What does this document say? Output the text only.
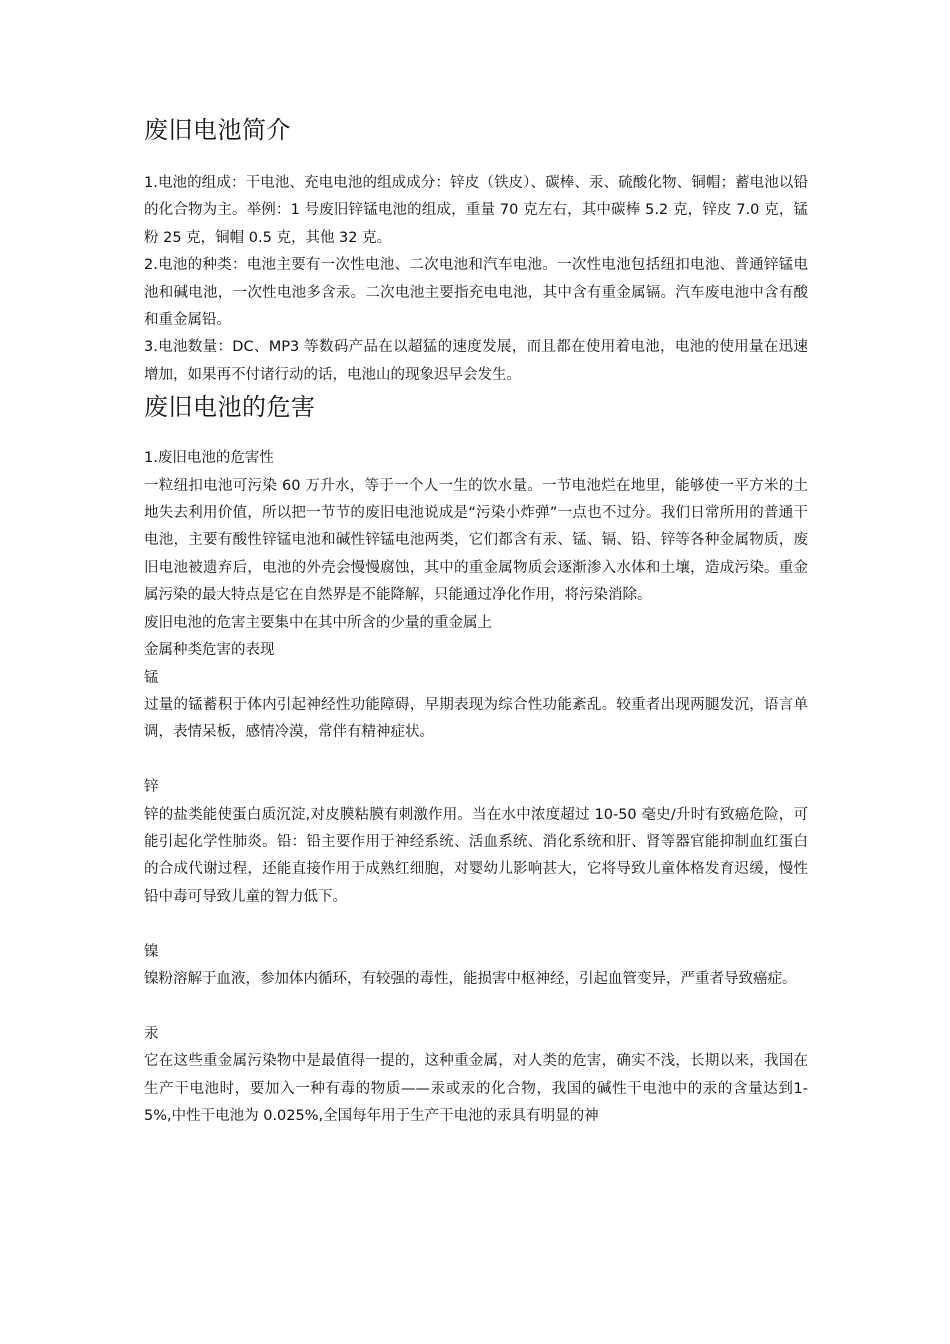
废旧电池简介

1.电池的组成：干电池、充电电池的组成成分：锌皮（铁皮）、碳棒、汞、硫酸化物、铜帽；蓄电池以铅的化合物为主。举例：1 号废旧锌锰电池的组成，重量 70 克左右，其中碳棒 5.2 克，锌皮 7.0 克，锰粉 25 克，铜帽 0.5 克，其他 32 克。

2.电池的种类：电池主要有一次性电池、二次电池和汽车电池。一次性电池包括纽扣电池、普通锌锰电池和碱电池，一次性电池多含汞。二次电池主要指充电电池，其中含有重金属镉。汽车废电池中含有酸和重金属铅。

3.电池数量：DC、MP3 等数码产品在以超猛的速度发展，而且都在使用着电池，电池的使用量在迅速增加，如果再不付诸行动的话，电池山的现象迟早会发生。

废旧电池的危害

1.废旧电池的危害性

一粒纽扣电池可污染 60 万升水，等于一个人一生的饮水量。一节电池烂在地里，能够使一平方米的土地失去利用价值，所以把一节节的废旧电池说成是“污染小炸弹”一点也不过分。我们日常所用的普通干电池，主要有酸性锌锰电池和碱性锌锰电池两类，它们都含有汞、锰、镉、铅、锌等各种金属物质，废旧电池被遗弃后，电池的外壳会慢慢腐蚀，其中的重金属物质会逐渐渗入水体和土壤，造成污染。重金属污染的最大特点是它在自然界是不能降解，只能通过净化作用，将污染消除。

废旧电池的危害主要集中在其中所含的少量的重金属上

金属种类危害的表现

锰

过量的锰蓄积于体内引起神经性功能障碍，早期表现为综合性功能紊乱。较重者出现两腿发沉，语言单调，表情呆板，感情冷漠，常伴有精神症状。

锌

锌的盐类能使蛋白质沉淀,对皮膜粘膜有刺激作用。当在水中浓度超过 10-50 毫史/升时有致癌危险，可能引起化学性肺炎。铅：铅主要作用于神经系统、活血系统、消化系统和肝、肾等器官能抑制血红蛋白的合成代谢过程，还能直接作用于成熟红细胞，对婴幼儿影响甚大，它将导致儿童体格发育迟缓，慢性铅中毒可导致儿童的智力低下。

镍

镍粉溶解于血液，参加体内循环，有较强的毒性，能损害中枢神经，引起血管变异，严重者导致癌症。

汞

它在这些重金属污染物中是最值得一提的，这种重金属，对人类的危害，确实不浅，长期以来，我国在生产干电池时，要加入一种有毒的物质——汞或汞的化合物，我国的碱性干电池中的汞的含量达到1-5%,中性干电池为 0.025%,全国每年用于生产干电池的汞具有明显的神
